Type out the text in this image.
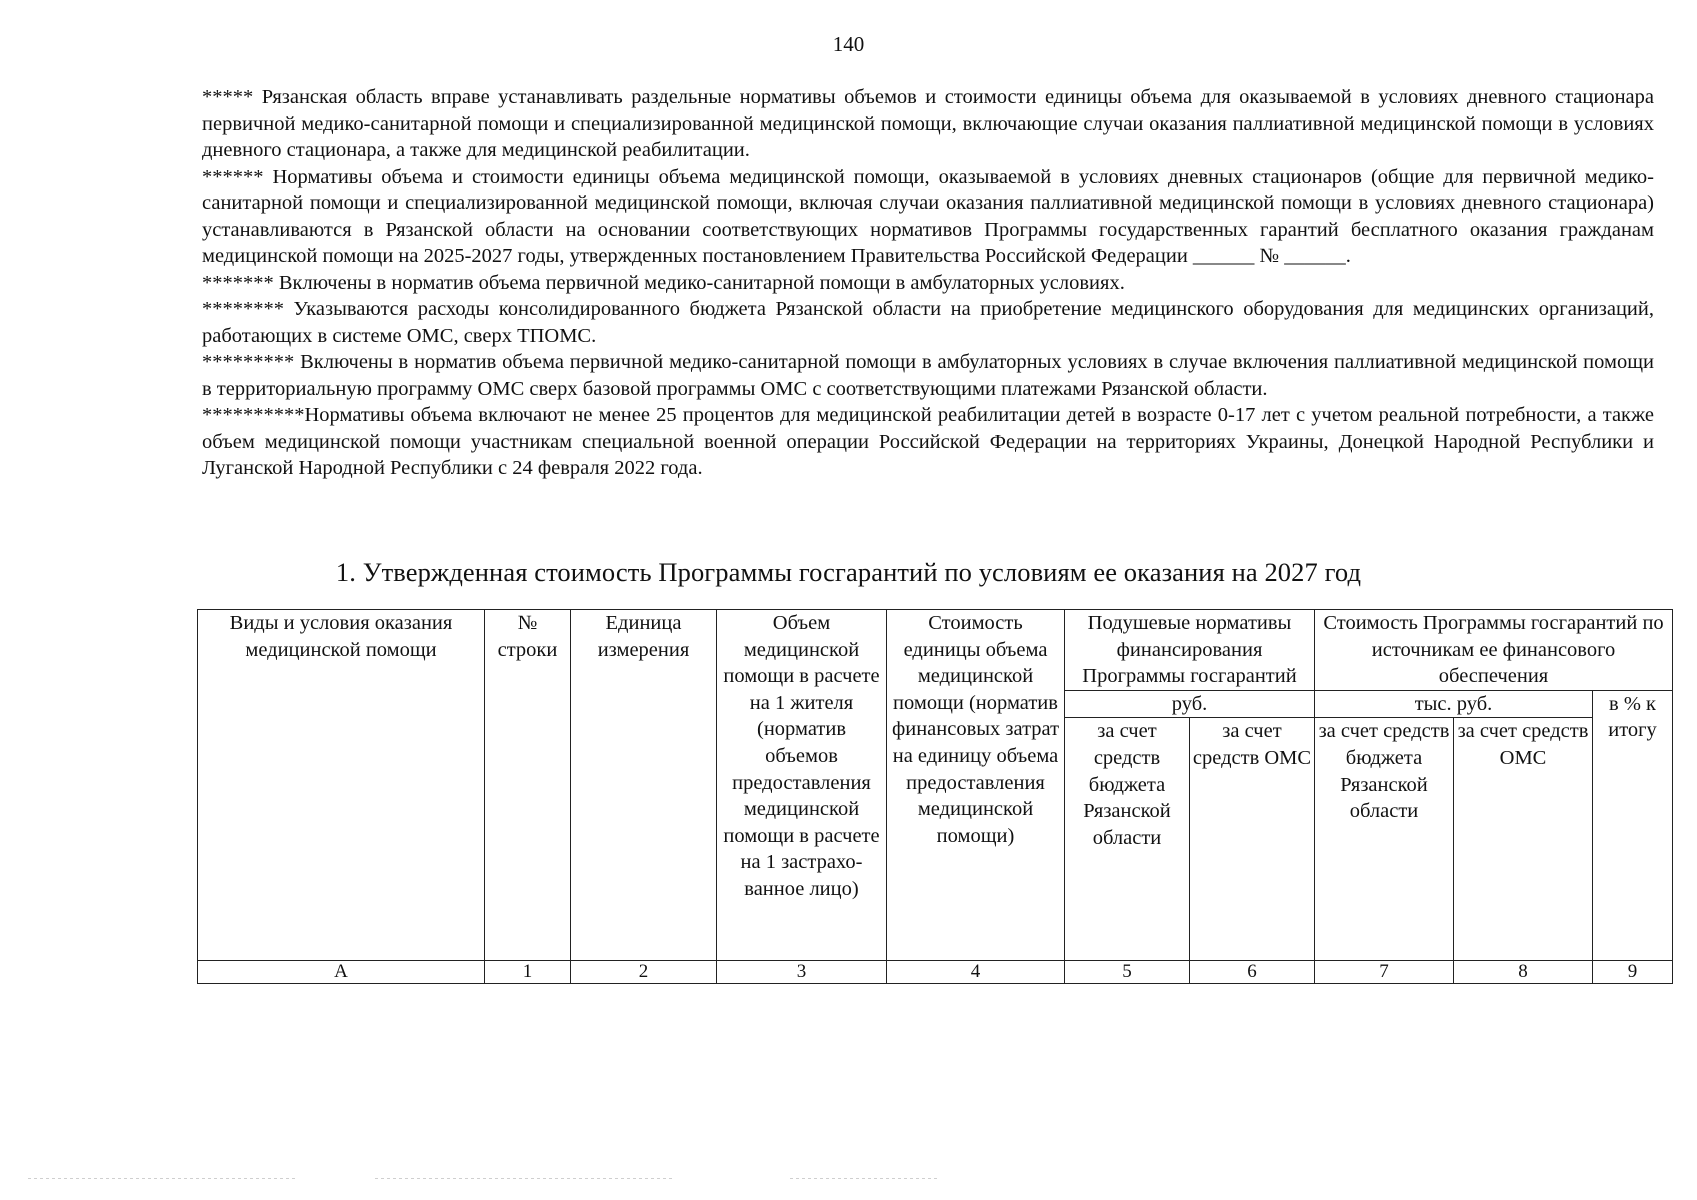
140

***** Рязанская область вправе устанавливать раздельные нормативы объемов и стоимости единицы объема для оказываемой в условиях дневного стационара первичной медико-санитарной помощи и специализированной медицинской помощи, включающие случаи оказания паллиативной медицинской помощи в условиях дневного стационара, а также для медицинской реабилитации.

****** Нормативы объема и стоимости единицы объема медицинской помощи, оказываемой в условиях дневных стационаров (общие для первичной медико-санитарной помощи и специализированной медицинской помощи, включая случаи оказания паллиативной медицинской помощи в условиях дневного стационара) устанавливаются в Рязанской области на основании соответствующих нормативов Программы государственных гарантий бесплатного оказания гражданам медицинской помощи на 2025-2027 годы, утвержденных постановлением Правительства Российской Федерации ______ № ______.

******* Включены в норматив объема первичной медико-санитарной помощи в амбулаторных условиях.

******** Указываются расходы консолидированного бюджета Рязанской области на приобретение медицинского оборудования для медицинских организаций, работающих в системе ОМС, сверх ТПОМС.

********* Включены в норматив объема первичной медико-санитарной помощи в амбулаторных условиях в случае включения паллиативной медицинской помощи в территориальную программу ОМС сверх базовой программы ОМС с соответствующими платежами Рязанской области.

**********Нормативы объема включают не менее 25 процентов для медицинской реабилитации детей в возрасте 0-17 лет с учетом реальной потребности, а также объем медицинской помощи участникам специальной военной операции Российской Федерации на территориях Украины, Донецкой Народной Республики и Луганской Народной Республики с 24 февраля 2022 года.

1. Утвержденная стоимость Программы госгарантий по условиям ее оказания на 2027 год
Виды и условия оказания медицинской помощи	№ строки	Единица измерения	Объем медицинской помощи в расчете на 1 жителя (норматив объемов предоставления медицинской помощи в расчете на 1 застрахо-ванное лицо)	Стоимость единицы объема медицинской помощи (норматив финансовых затрат на единицу объема предоставления медицинской помощи)	Подушевые нормативы финансирования Программы госгарантий		Стоимость Программы госгарантий по источникам ее финансового обеспечения		
					руб.		тыс. руб.		в % к итогу
					за счет средств бюджета Рязанской области	за счет средств ОМС	за счет средств бюджета Рязанской области	за счет средств ОМС	
А	1	2	3	4	5	6	7	8	9
